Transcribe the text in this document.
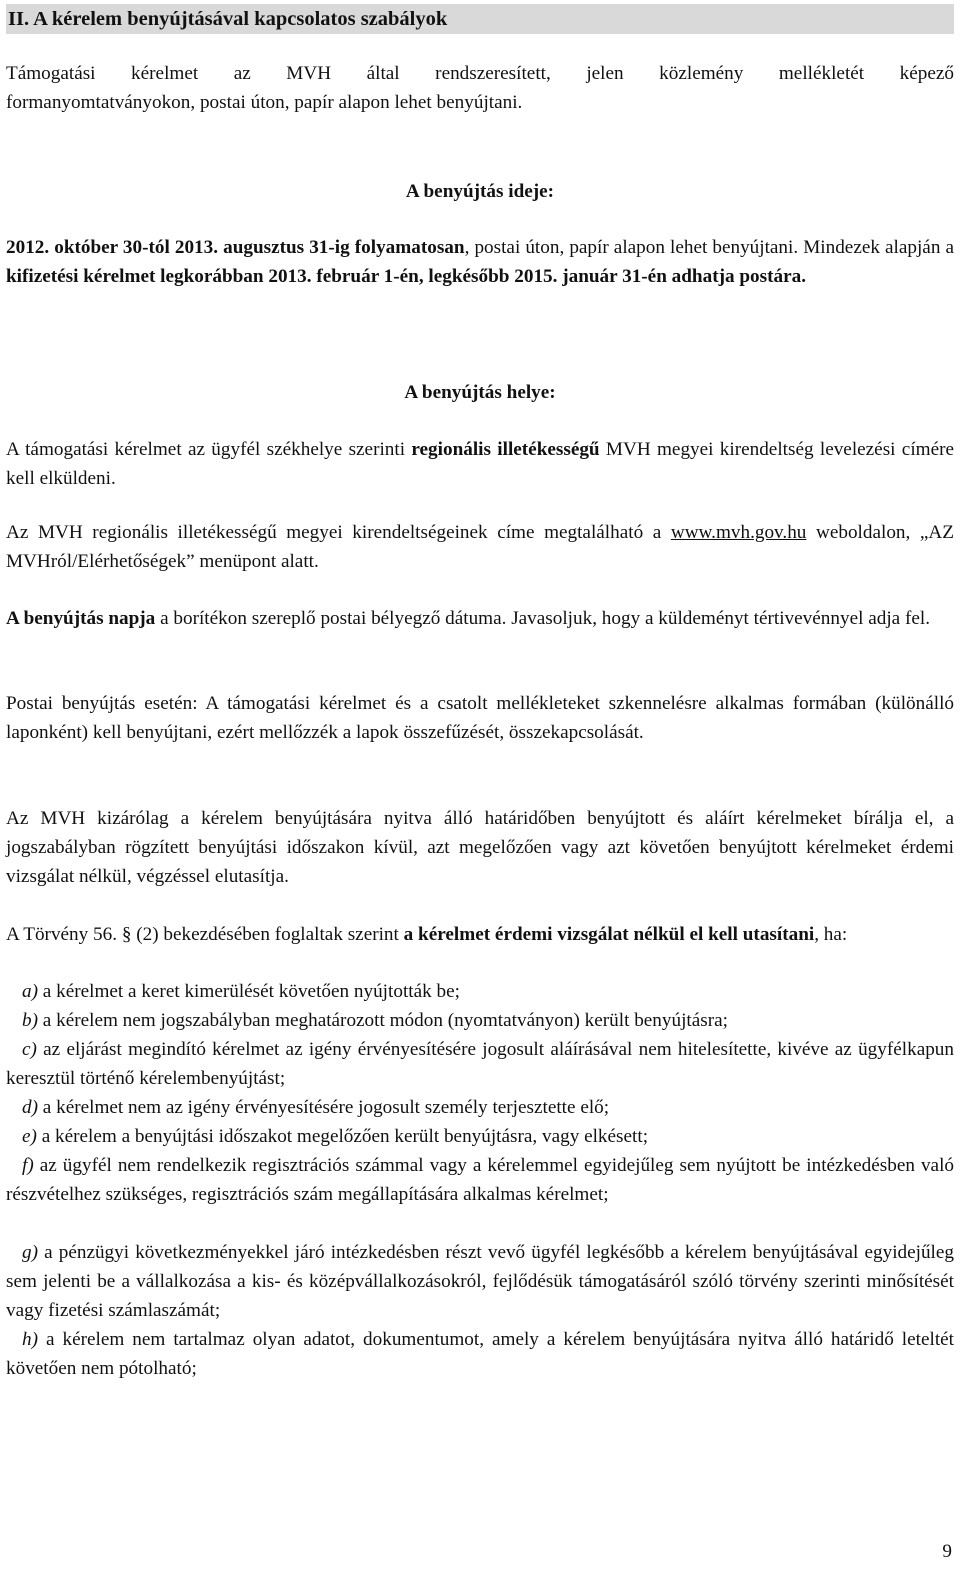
II. A kérelem benyújtásával kapcsolatos szabályok

Támogatási kérelmet az MVH által rendszeresített, jelen közlemény mellékletét képező
formanyomtatványokon, postai úton, papír alapon lehet benyújtani.

A benyújtás ideje:

2012. október 30-tól 2013. augusztus 31-ig folyamatosan, postai úton, papír alapon lehet benyújtani. Mindezek alapján a kifizetési kérelmet legkorábban 2013. február 1-én, legkésőbb 2015. január 31-én adhatja postára.

A benyújtás helye:

A támogatási kérelmet az ügyfél székhelye szerinti regionális illetékességű MVH megyei kirendeltség levelezési címére kell elküldeni.

Az MVH regionális illetékességű megyei kirendeltségeinek címe megtalálható a www.mvh.gov.hu weboldalon, „AZ MVHról/Elérhetőségek” menüpont alatt.

A benyújtás napja a borítékon szereplő postai bélyegző dátuma. Javasoljuk, hogy a küldeményt tértivevénnyel adja fel.

Postai benyújtás esetén: A támogatási kérelmet és a csatolt mellékleteket szkennelésre alkalmas formában (különálló laponként) kell benyújtani, ezért mellőzzék a lapok összefűzését, összekapcsolását.

Az MVH kizárólag a kérelem benyújtására nyitva álló határidőben benyújtott és aláírt kérelmeket bírálja el, a jogszabályban rögzített benyújtási időszakon kívül, azt megelőzően vagy azt követően benyújtott kérelmeket érdemi vizsgálat nélkül, végzéssel elutasítja.

A Törvény 56. § (2) bekezdésében foglaltak szerint a kérelmet érdemi vizsgálat nélkül el kell utasítani, ha:

a) a kérelmet a keret kimerülését követően nyújtották be;

b) a kérelem nem jogszabályban meghatározott módon (nyomtatványon) került benyújtásra;

c) az eljárást megindító kérelmet az igény érvényesítésére jogosult aláírásával nem hitelesítette, kivéve az ügyfélkapun keresztül történő kérelembenyújtást;

d) a kérelmet nem az igény érvényesítésére jogosult személy terjesztette elő;

e) a kérelem a benyújtási időszakot megelőzően került benyújtásra, vagy elkésett;

f) az ügyfél nem rendelkezik regisztrációs számmal vagy a kérelemmel egyidejűleg sem nyújtott be intézkedésben való részvételhez szükséges, regisztrációs szám megállapítására alkalmas kérelmet;

g) a pénzügyi következményekkel járó intézkedésben részt vevő ügyfél legkésőbb a kérelem benyújtásával egyidejűleg sem jelenti be a vállalkozása a kis- és középvállalkozásokról, fejlődésük támogatásáról szóló törvény szerinti minősítését vagy fizetési számlaszámát;

h) a kérelem nem tartalmaz olyan adatot, dokumentumot, amely a kérelem benyújtására nyitva álló határidő leteltét követően nem pótolható;

9
